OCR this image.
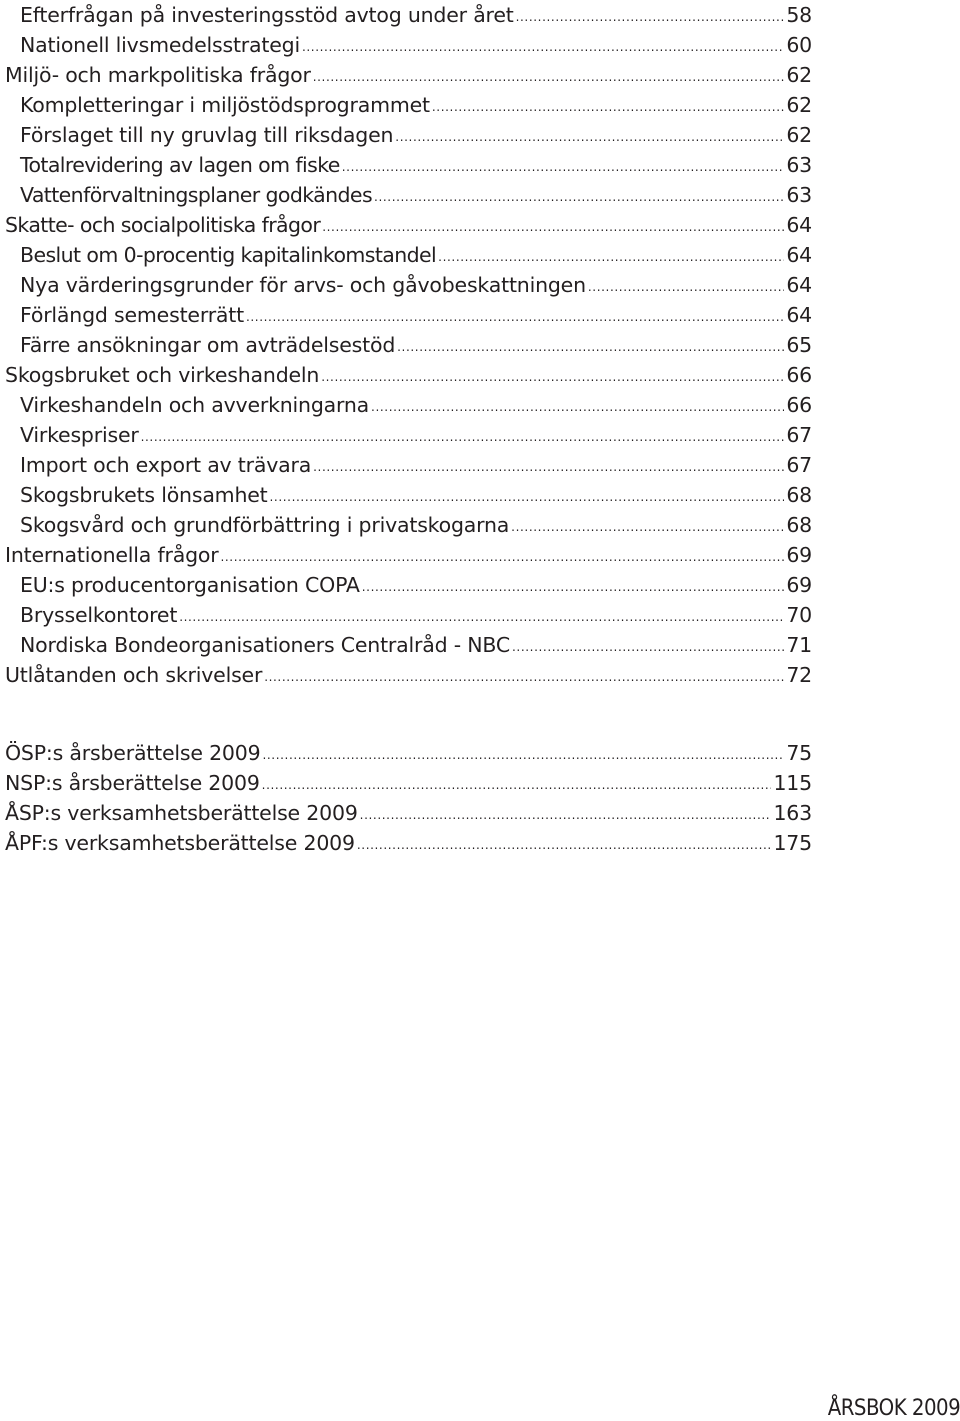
Efterfrågan på investeringsstöd avtog under året .....	58
Nationell livsmedelsstrategi .....	60
Miljö- och markpolitiska frågor .....	62
Kompletteringar i miljöstödsprogrammet .....	62
Förslaget till ny gruvlag till riksdagen .....	62
Totalrevidering av lagen om fiske .....	63
Vattenförvaltningsplaner godkändes .....	63
Skatte- och socialpolitiska frågor .....	64
Beslut om 0-procentig kapitalinkomstandel .....	64
Nya värderingsgrunder för arvs- och gåvobeskattningen .....	64
Förlängd semesterrätt .....	64
Färre ansökningar om avträdelsestöd .....	65
Skogsbruket och virkeshandeln .....	66
Virkeshandeln och avverkningarna .....	66
Virkespriser .....	67
Import och export av trävara .....	67
Skogsbrukets lönsamhet .....	68
Skogsvård och grundförbättring i privatskogarna .....	68
Internationella frågor .....	69
EU:s producentorganisation COPA .....	69
Brysselkontoret .....	70
Nordiska Bondeorganisationers Centralråd - NBC .....	71
Utlåtanden och skrivelser .....	72
ÖSP:s årsberättelse 2009 .....	75
NSP:s årsberättelse 2009 .....	115
ÅSP:s verksamhetsberättelse 2009 .....	163
ÅPF:s verksamhetsberättelse 2009 .....	175
ÅRSBOK 2009
